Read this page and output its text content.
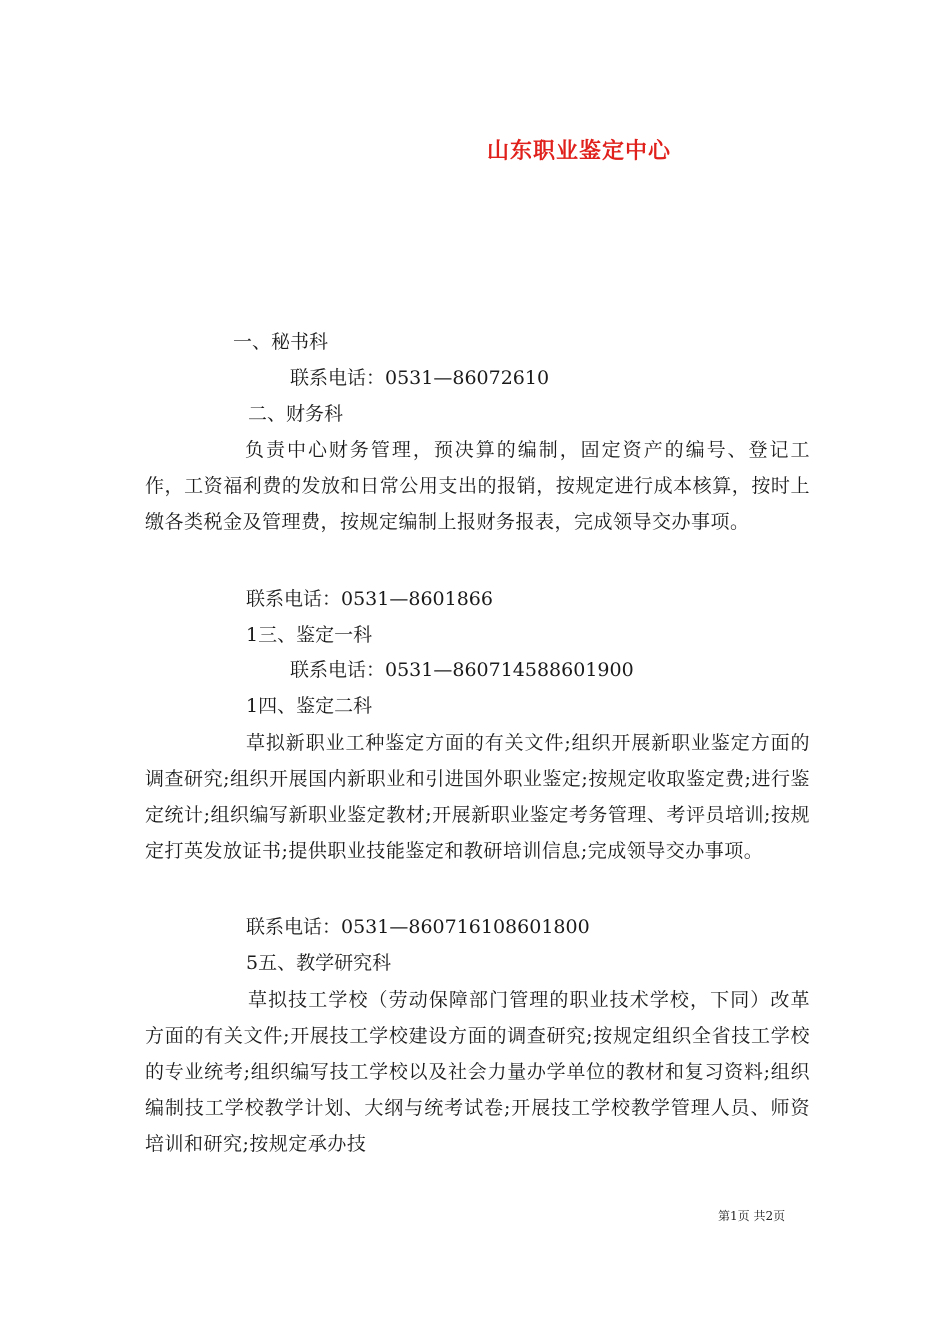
山东职业鉴定中心
一、秘书科
联系电话：0531—86072610
二、财务科
负责中心财务管理，预决算的编制，固定资产的编号、登记工作，工资福利费的发放和日常公用支出的报销，按规定进行成本核算，按时上缴各类税金及管理费，按规定编制上报财务报表，完成领导交办事项。
联系电话：0531—8601866
1三、鉴定一科
联系电话：0531—860714588601900
1四、鉴定二科
草拟新职业工种鉴定方面的有关文件;组织开展新职业鉴定方面的调查研究;组织开展国内新职业和引进国外职业鉴定;按规定收取鉴定费;进行鉴定统计;组织编写新职业鉴定教材;开展新职业鉴定考务管理、考评员培训;按规定打英发放证书;提供职业技能鉴定和教研培训信息;完成领导交办事项。
联系电话：0531—860716108601800
5五、教学研究科
草拟技工学校（劳动保障部门管理的职业技术学校，下同）改革方面的有关文件;开展技工学校建设方面的调查研究;按规定组织全省技工学校的专业统考;组织编写技工学校以及社会力量办学单位的教材和复习资料;组织编制技工学校教学计划、大纲与统考试卷;开展技工学校教学管理人员、师资培训和研究;按规定承办技
第1页 共2页
